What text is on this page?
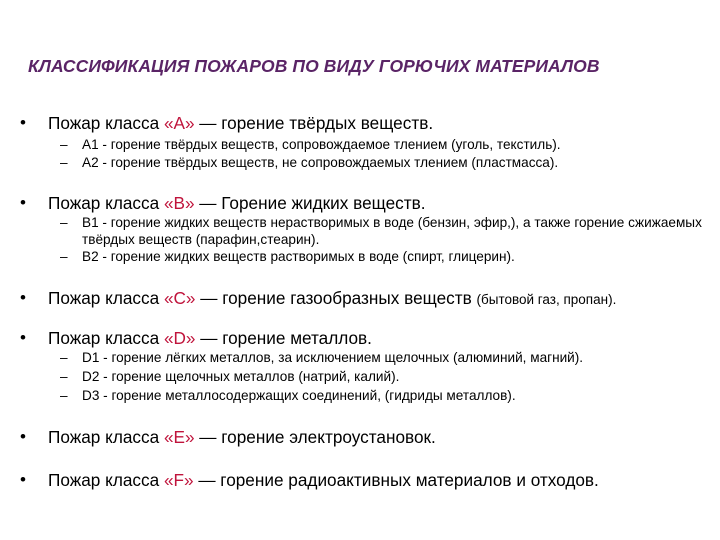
КЛАССИФИКАЦИЯ ПОЖАРОВ ПО ВИДУ ГОРЮЧИХ МАТЕРИАЛОВ
• Пожар класса «А» — горение твёрдых веществ.
– А1 - горение твёрдых веществ, сопровождаемое тлением (уголь, текстиль).
– А2 - горение твёрдых веществ, не сопровождаемых тлением (пластмасса).
• Пожар класса «В» — Горение жидких веществ.
– В1 - горение жидких веществ нерастворимых в воде (бензин, эфир,), а также горение сжижаемых твёрдых веществ (парафин,стеарин).
– В2 - горение жидких веществ растворимых в воде (спирт, глицерин).
• Пожар класса «С» — горение газообразных веществ (бытовой газ, пропан).
• Пожар класса «D» — горение металлов.
– D1 - горение лёгких металлов, за исключением щелочных (алюминий, магний).
– D2 - горение щелочных металлов (натрий, калий).
– D3 - горение металлосодержащих соединений, (гидриды металлов).
• Пожар класса «Е» — горение электроустановок.
• Пожар класса «F» — горение радиоактивных материалов и отходов.
